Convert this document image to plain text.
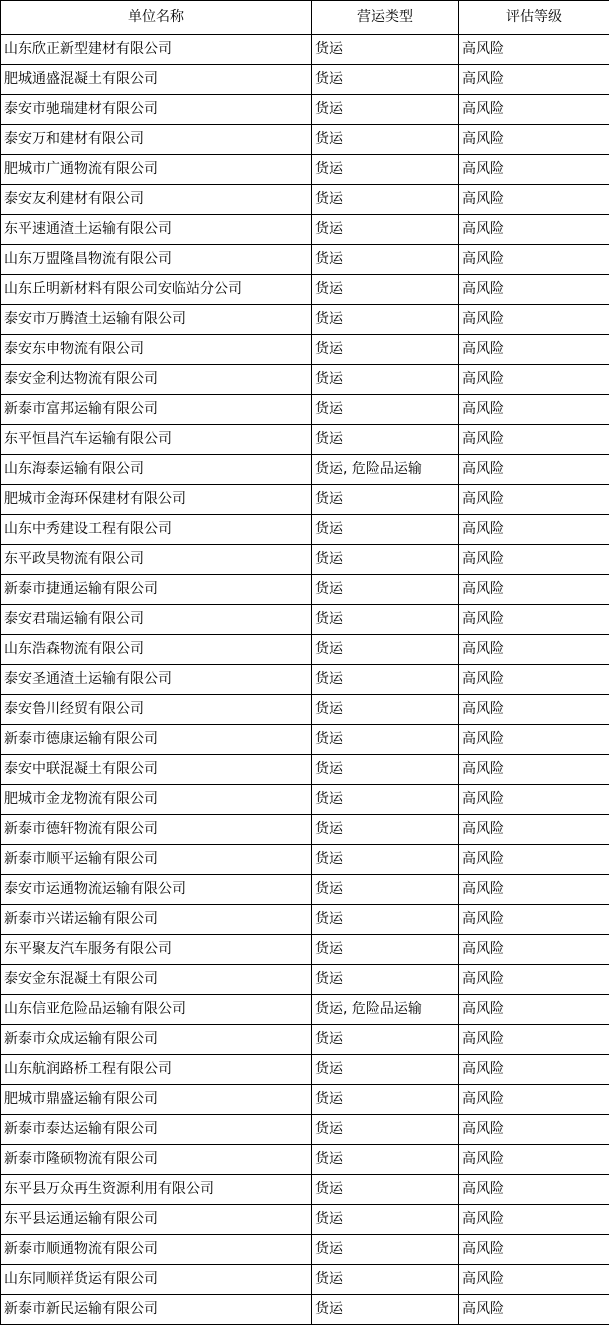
单位名称	营运类型	评估等级
山东欣正新型建材有限公司	货运	高风险
肥城通盛混凝土有限公司	货运	高风险
泰安市驰瑞建材有限公司	货运	高风险
泰安万和建材有限公司	货运	高风险
肥城市广通物流有限公司	货运	高风险
泰安友利建材有限公司	货运	高风险
东平速通渣土运输有限公司	货运	高风险
山东万盟隆昌物流有限公司	货运	高风险
山东丘明新材料有限公司安临站分公司	货运	高风险
泰安市万腾渣土运输有限公司	货运	高风险
泰安东申物流有限公司	货运	高风险
泰安金利达物流有限公司	货运	高风险
新泰市富邦运输有限公司	货运	高风险
东平恒昌汽车运输有限公司	货运	高风险
山东海泰运输有限公司	货运, 危险品运输	高风险
肥城市金海环保建材有限公司	货运	高风险
山东中秀建设工程有限公司	货运	高风险
东平政昊物流有限公司	货运	高风险
新泰市捷通运输有限公司	货运	高风险
泰安君瑞运输有限公司	货运	高风险
山东浩森物流有限公司	货运	高风险
泰安圣通渣土运输有限公司	货运	高风险
泰安鲁川经贸有限公司	货运	高风险
新泰市德康运输有限公司	货运	高风险
泰安中联混凝土有限公司	货运	高风险
肥城市金龙物流有限公司	货运	高风险
新泰市德轩物流有限公司	货运	高风险
新泰市顺平运输有限公司	货运	高风险
泰安市运通物流运输有限公司	货运	高风险
新泰市兴诺运输有限公司	货运	高风险
东平聚友汽车服务有限公司	货运	高风险
泰安金东混凝土有限公司	货运	高风险
山东信亚危险品运输有限公司	货运, 危险品运输	高风险
新泰市众成运输有限公司	货运	高风险
山东航润路桥工程有限公司	货运	高风险
肥城市鼎盛运输有限公司	货运	高风险
新泰市泰达运输有限公司	货运	高风险
新泰市隆硕物流有限公司	货运	高风险
东平县万众再生资源利用有限公司	货运	高风险
东平县运通运输有限公司	货运	高风险
新泰市顺通物流有限公司	货运	高风险
山东同顺祥货运有限公司	货运	高风险
新泰市新民运输有限公司	货运	高风险
